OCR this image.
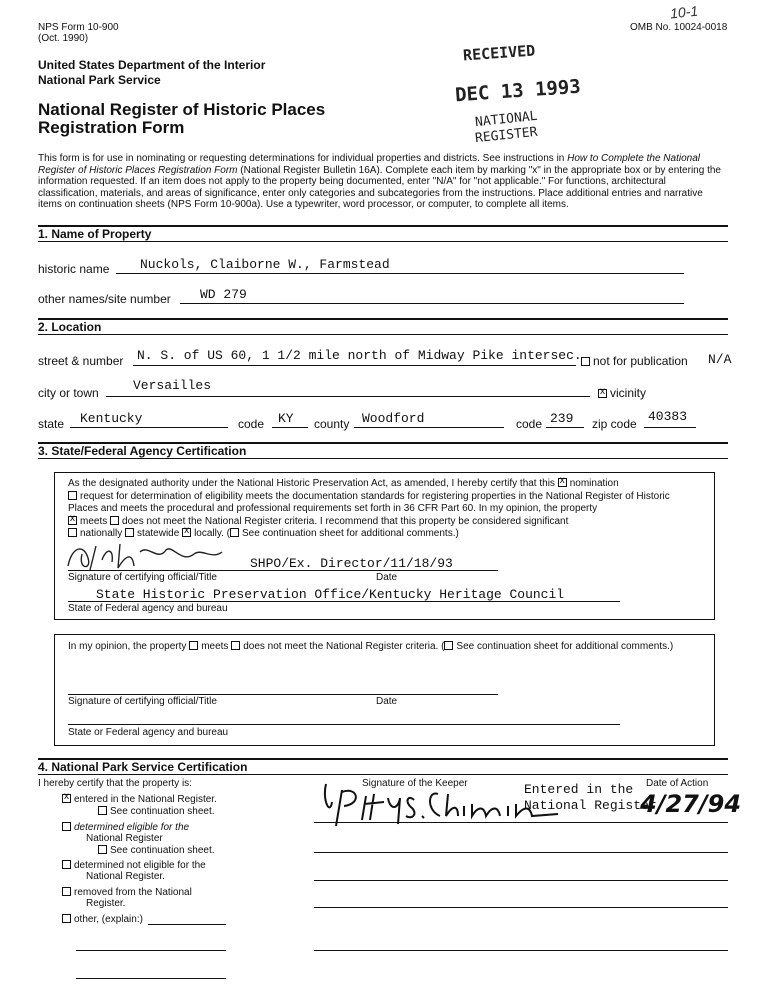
NPS Form 10-900
(Oct. 1990)
OMB No. 10024-0018
10-1
United States Department of the Interior
National Park Service
National Register of Historic Places
Registration Form
RECEIVED
DEC 13 1993
NATIONAL
REGISTER
This form is for use in nominating or requesting determinations for individual properties and districts. See instructions in How to Complete the National Register of Historic Places Registration Form (National Register Bulletin 16A). Complete each item by marking "x" in the appropriate box or by entering the information requested. If an item does not apply to the property being documented, enter "N/A" for "not applicable." For functions, architectural classification, materials, and areas of significance, enter only categories and subcategories from the instructions. Place additional entries and narrative items on continuation sheets (NPS Form 10-900a). Use a typewriter, word processor, or computer, to complete all items.
1. Name of Property
historic name Nuckols, Claiborne W., Farmstead
other names/site number WD 279
2. Location
street & number N. S. of US 60, 1 1/2 mile north of Midway Pike intersec. not for publication N/A
city or town	Versailles x	vicinity
state Kentucky	code KY county Woodford	code 239 zip code 40383
3. State/Federal Agency Certification
As the designated authority under the National Historic Preservation Act, as amended, I hereby certify that this x nomination
request for determination of eligibility meets the documentation standards for registering properties in the National Register of Historic Places and meets the procedural and professional requirements set forth in 36 CFR Part 60. In my opinion, the property
xmeets does not meet the National Register criteria. I recommend that this property be considered significant
nationally statewide x locally. ( See continuation sheet for additional comments.)
SHPO/Ex. Director/11/18/93
Signature of certifying official/Title	Date
State Historic Preservation Office/Kentucky Heritage Council
State of Federal agency and bureau
In my opinion, the property meets does not meet the National Register criteria. ( See continuation sheet for additional comments.)
Signature of certifying official/Title	Date
State or Federal agency and bureau
4. National Park Service Certification
I hereby certify that the property is:	Signature of the Keeper	Date of Action
xentered in the National Register.
See continuation sheet.
determined eligible for the
National Register
See continuation sheet.
determined not eligible for the
National Register.
removed from the National
Register.
other, (explain:)
Entered in the
National Register
4/27/94
